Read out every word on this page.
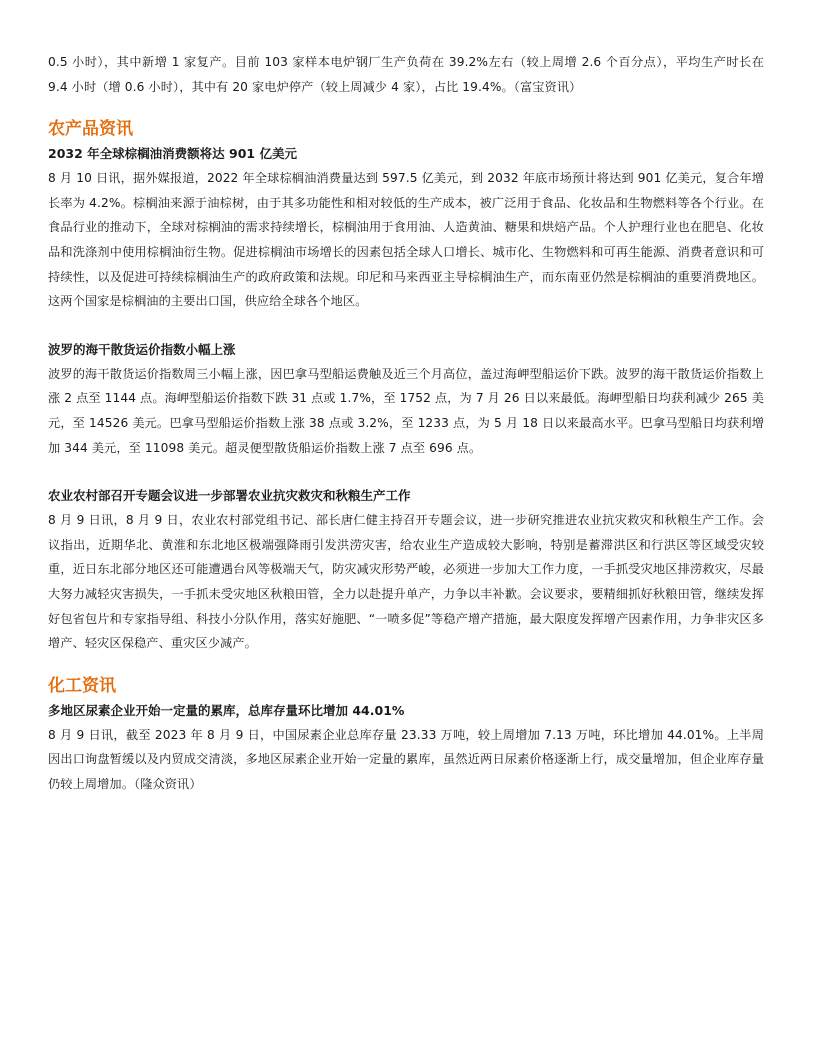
0.5 小时），其中新增 1 家复产。目前 103 家样本电炉钢厂生产负荷在 39.2%左右（较上周增 2.6 个百分点），平均生产时长在 9.4 小时（增 0.6 小时），其中有 20 家电炉停产（较上周减少 4 家），占比 19.4%。（富宝资讯）

农产品资讯
2032 年全球棕榈油消费额将达 901 亿美元

8 月 10 日讯，据外媒报道，2022 年全球棕榈油消费量达到 597.5 亿美元，到 2032 年底市场预计将达到 901 亿美元，复合年增长率为 4.2%。棕榈油来源于油棕树，由于其多功能性和相对较低的生产成本，被广泛用于食品、化妆品和生物燃料等各个行业。在食品行业的推动下，全球对棕榈油的需求持续增长，棕榈油用于食用油、人造黄油、糖果和烘焙产品。个人护理行业也在肥皂、化妆品和洗涤剂中使用棕榈油衍生物。促进棕榈油市场增长的因素包括全球人口增长、城市化、生物燃料和可再生能源、消费者意识和可持续性，以及促进可持续棕榈油生产的政府政策和法规。印尼和马来西亚主导棕榈油生产，而东南亚仍然是棕榈油的重要消费地区。这两个国家是棕榈油的主要出口国，供应给全球各个地区。

波罗的海干散货运价指数小幅上涨

波罗的海干散货运价指数周三小幅上涨，因巴拿马型船运费触及近三个月高位，盖过海岬型船运价下跌。波罗的海干散货运价指数上涨 2 点至 1144 点。海岬型船运价指数下跌 31 点或 1.7%，至 1752 点，为 7 月 26 日以来最低。海岬型船日均获利减少 265 美元，至 14526 美元。巴拿马型船运价指数上涨 38 点或 3.2%，至 1233 点，为 5 月 18 日以来最高水平。巴拿马型船日均获利增加 344 美元，至 11098 美元。超灵便型散货船运价指数上涨 7 点至 696 点。

农业农村部召开专题会议进一步部署农业抗灾救灾和秋粮生产工作

8 月 9 日讯，8 月 9 日，农业农村部党组书记、部长唐仁健主持召开专题会议，进一步研究推进农业抗灾救灾和秋粮生产工作。会议指出，近期华北、黄淮和东北地区极端强降雨引发洪涝灾害，给农业生产造成较大影响，特别是蓄滞洪区和行洪区等区域受灾较重，近日东北部分地区还可能遭遇台风等极端天气，防灾减灾形势严峻，必须进一步加大工作力度，一手抓受灾地区排涝救灾，尽最大努力减轻灾害损失，一手抓未受灾地区秋粮田管，全力以赴提升单产，力争以丰补歉。会议要求，要精细抓好秋粮田管，继续发挥好包省包片和专家指导组、科技小分队作用，落实好施肥、“一喷多促”等稳产增产措施，最大限度发挥增产因素作用，力争非灾区多增产、轻灾区保稳产、重灾区少减产。

化工资讯
多地区尿素企业开始一定量的累库，总库存量环比增加 44.01%

8 月 9 日讯，截至 2023 年 8 月 9 日，中国尿素企业总库存量 23.33 万吨，较上周增加 7.13 万吨，环比增加 44.01%。上半周因出口询盘暂缓以及内贸成交清淡，多地区尿素企业开始一定量的累库，虽然近两日尿素价格逐渐上行，成交量增加，但企业库存量仍较上周增加。（隆众资讯）
